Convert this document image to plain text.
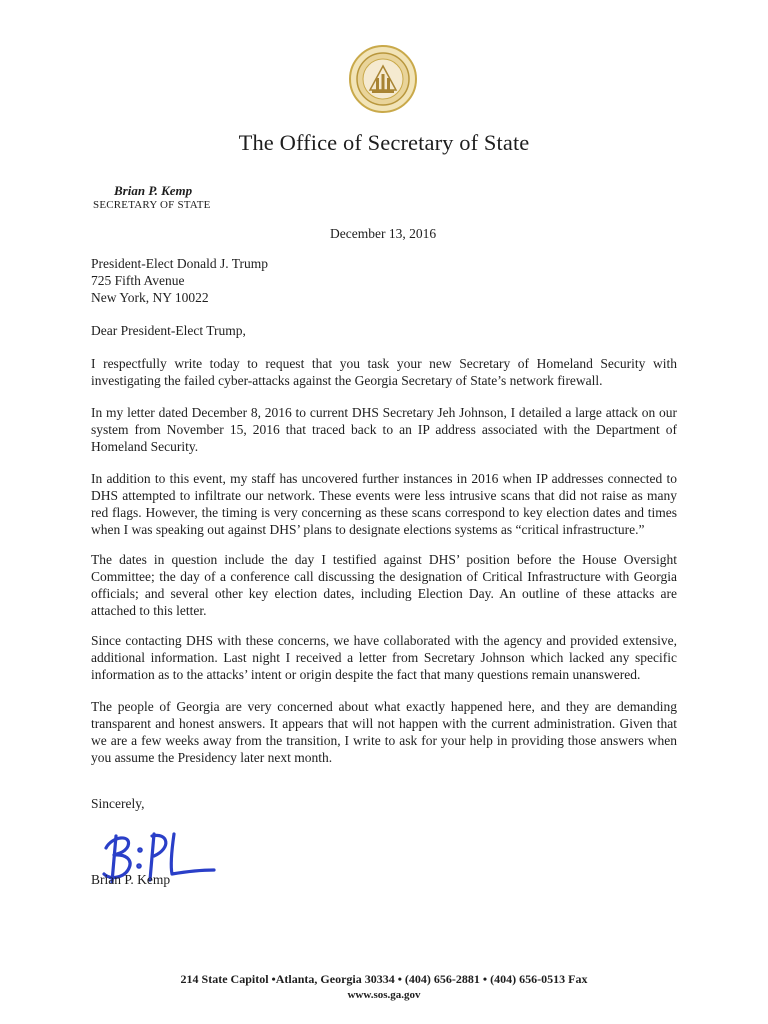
The Office of Secretary of State
Brian P. Kemp
SECRETARY OF STATE
December 13, 2016
President-Elect Donald J. Trump
725 Fifth Avenue
New York, NY 10022
Dear President-Elect Trump,

I respectfully write today to request that you task your new Secretary of Homeland Security with investigating the failed cyber-attacks against the Georgia Secretary of State’s network firewall.

In my letter dated December 8, 2016 to current DHS Secretary Jeh Johnson, I detailed a large attack on our system from November 15, 2016 that traced back to an IP address associated with the Department of Homeland Security.

In addition to this event, my staff has uncovered further instances in 2016 when IP addresses connected to DHS attempted to infiltrate our network. These events were less intrusive scans that did not raise as many red flags. However, the timing is very concerning as these scans correspond to key election dates and times when I was speaking out against DHS’ plans to designate elections systems as “critical infrastructure.”

The dates in question include the day I testified against DHS’ position before the House Oversight Committee; the day of a conference call discussing the designation of Critical Infrastructure with Georgia officials; and several other key election dates, including Election Day. An outline of these attacks are attached to this letter.

Since contacting DHS with these concerns, we have collaborated with the agency and provided extensive, additional information. Last night I received a letter from Secretary Johnson which lacked any specific information as to the attacks’ intent or origin despite the fact that many questions remain unanswered.

The people of Georgia are very concerned about what exactly happened here, and they are demanding transparent and honest answers. It appears that will not happen with the current administration. Given that we are a few weeks away from the transition, I write to ask for your help in providing those answers when you assume the Presidency later next month.

Sincerely,
Brian P. Kemp
214 State Capitol •Atlanta, Georgia 30334 • (404) 656-2881 • (404) 656-0513 Fax
www.sos.ga.gov
